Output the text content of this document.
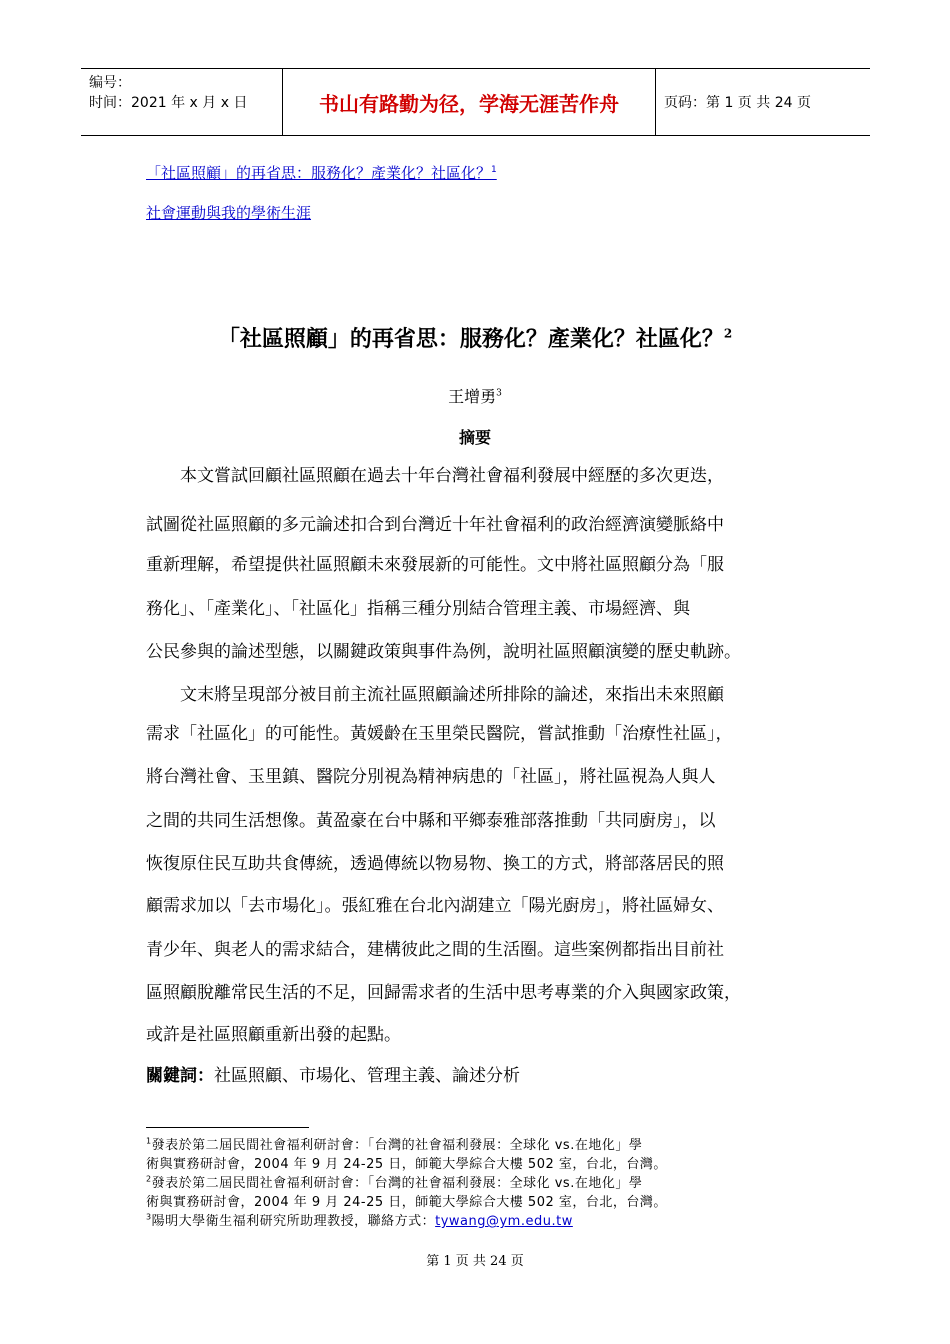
编号：
时间：2021 年 x 月 x 日	书山有路勤为径，学海无涯苦作舟	页码：第 1 页 共 24 页
「社區照顧」的再省思：服務化？產業化？社區化？$^1$
社會運動與我的學術生涯
「社區照顧」的再省思：服務化？產業化？社區化？$^2$
王增勇$^3$
摘要
本文嘗試回顧社區照顧在過去十年台灣社會福利發展中經歷的多次更迭，
試圖從社區照顧的多元論述扣合到台灣近十年社會福利的政治經濟演變脈絡中
重新理解，希望提供社區照顧未來發展新的可能性。文中將社區照顧分為「服
務化」、「產業化」、「社區化」指稱三種分別結合管理主義、市場經濟、與
公民參與的論述型態，以關鍵政策與事件為例，說明社區照顧演變的歷史軌跡。
文末將呈現部分被目前主流社區照顧論述所排除的論述，來指出未來照顧
需求「社區化」的可能性。黃媛齡在玉里榮民醫院，嘗試推動「治療性社區」，
將台灣社會、玉里鎮、醫院分別視為精神病患的「社區」，將社區視為人與人
之間的共同生活想像。黃盈豪在台中縣和平鄉泰雅部落推動「共同廚房」，以
恢復原住民互助共食傳統，透過傳統以物易物、換工的方式，將部落居民的照
顧需求加以「去市場化」。張紅雅在台北內湖建立「陽光廚房」，將社區婦女、
青少年、與老人的需求結合，建構彼此之間的生活圈。這些案例都指出目前社
區照顧脫離常民生活的不足，回歸需求者的生活中思考專業的介入與國家政策，
或許是社區照顧重新出發的起點。
關鍵詞：社區照顧、市場化、管理主義、論述分析
$^1$發表於第二屆民間社會福利研討會：「台灣的社會福利發展：全球化 vs.在地化」學
術與實務研討會，2004 年 9 月 24-25 日，師範大學綜合大樓 502 室，台北，台灣。
$^2$發表於第二屆民間社會福利研討會：「台灣的社會福利發展：全球化 vs.在地化」學
術與實務研討會，2004 年 9 月 24-25 日，師範大學綜合大樓 502 室，台北，台灣。
$^3$陽明大學衛生福利研究所助理教授，聯絡方式：tywang@ym.edu.tw
第 1 页 共 24 页
